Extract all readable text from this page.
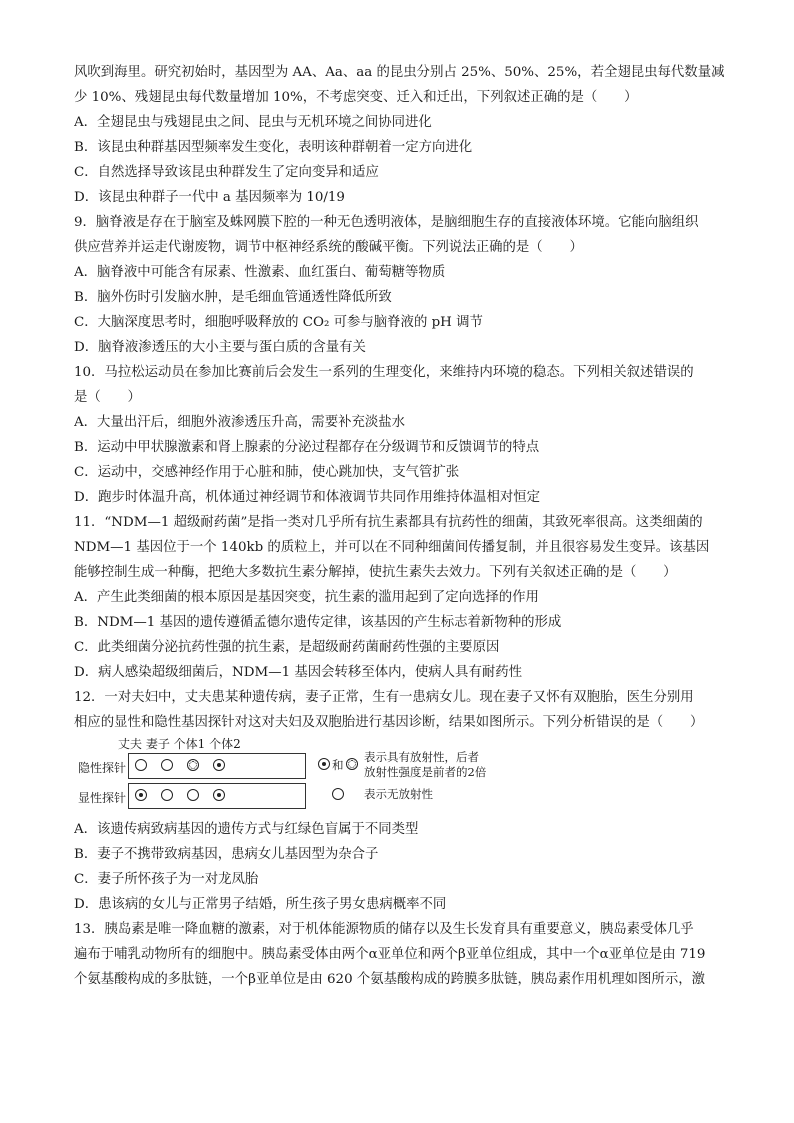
风吹到海里。研究初始时，基因型为 AA、Aa、aa 的昆虫分别占 25%、50%、25%，若全翅昆虫每代数量减
少 10%、残翅昆虫每代数量增加 10%，不考虑突变、迁入和迁出，下列叙述正确的是（　　）
A．全翅昆虫与残翅昆虫之间、昆虫与无机环境之间协同进化
B．该昆虫种群基因型频率发生变化，表明该种群朝着一定方向进化
C．自然选择导致该昆虫种群发生了定向变异和适应
D．该昆虫种群子一代中 a 基因频率为 10/19
9．脑脊液是存在于脑室及蛛网膜下腔的一种无色透明液体，是脑细胞生存的直接液体环境。它能向脑组织
供应营养并运走代谢废物，调节中枢神经系统的酸碱平衡。下列说法正确的是（　　）
A．脑脊液中可能含有尿素、性激素、血红蛋白、葡萄糖等物质
B．脑外伤时引发脑水肿，是毛细血管通透性降低所致
C．大脑深度思考时，细胞呼吸释放的 CO₂ 可参与脑脊液的 pH 调节
D．脑脊液渗透压的大小主要与蛋白质的含量有关
10．马拉松运动员在参加比赛前后会发生一系列的生理变化，来维持内环境的稳态。下列相关叙述错误的
是（　　）
A．大量出汗后，细胞外液渗透压升高，需要补充淡盐水
B．运动中甲状腺激素和肾上腺素的分泌过程都存在分级调节和反馈调节的特点
C．运动中，交感神经作用于心脏和肺，使心跳加快，支气管扩张
D．跑步时体温升高，机体通过神经调节和体液调节共同作用维持体温相对恒定
11．“NDM—1 超级耐药菌”是指一类对几乎所有抗生素都具有抗药性的细菌，其致死率很高。这类细菌的
NDM—1 基因位于一个 140kb 的质粒上，并可以在不同种细菌间传播复制，并且很容易发生变异。该基因
能够控制生成一种酶，把绝大多数抗生素分解掉，使抗生素失去效力。下列有关叙述正确的是（　　）
A．产生此类细菌的根本原因是基因突变，抗生素的滥用起到了定向选择的作用
B．NDM—1 基因的遗传遵循孟德尔遗传定律，该基因的产生标志着新物种的形成
C．此类细菌分泌抗药性强的抗生素，是超级耐药菌耐药性强的主要原因
D．病人感染超级细菌后，NDM—1 基因会转移至体内，使病人具有耐药性
12．一对夫妇中，丈夫患某种遗传病，妻子正常，生有一患病女儿。现在妻子又怀有双胞胎，医生分别用
相应的显性和隐性基因探针对这对夫妇及双胞胎进行基因诊断，结果如图所示。下列分析错误的是（　　）
丈夫 妻子 个体1 个体2
隐性探针	和
表示具有放射性，后者
放射性强度是前者的2倍
显性探针	表示无放射性
A．该遗传病致病基因的遗传方式与红绿色盲属于不同类型
B．妻子不携带致病基因，患病女儿基因型为杂合子
C．妻子所怀孩子为一对龙凤胎
D．患该病的女儿与正常男子结婚，所生孩子男女患病概率不同
13．胰岛素是唯一降血糖的激素，对于机体能源物质的储存以及生长发育具有重要意义，胰岛素受体几乎
遍布于哺乳动物所有的细胞中。胰岛素受体由两个α亚单位和两个β亚单位组成，其中一个α亚单位是由 719
个氨基酸构成的多肽链，一个β亚单位是由 620 个氨基酸构成的跨膜多肽链，胰岛素作用机理如图所示，激
